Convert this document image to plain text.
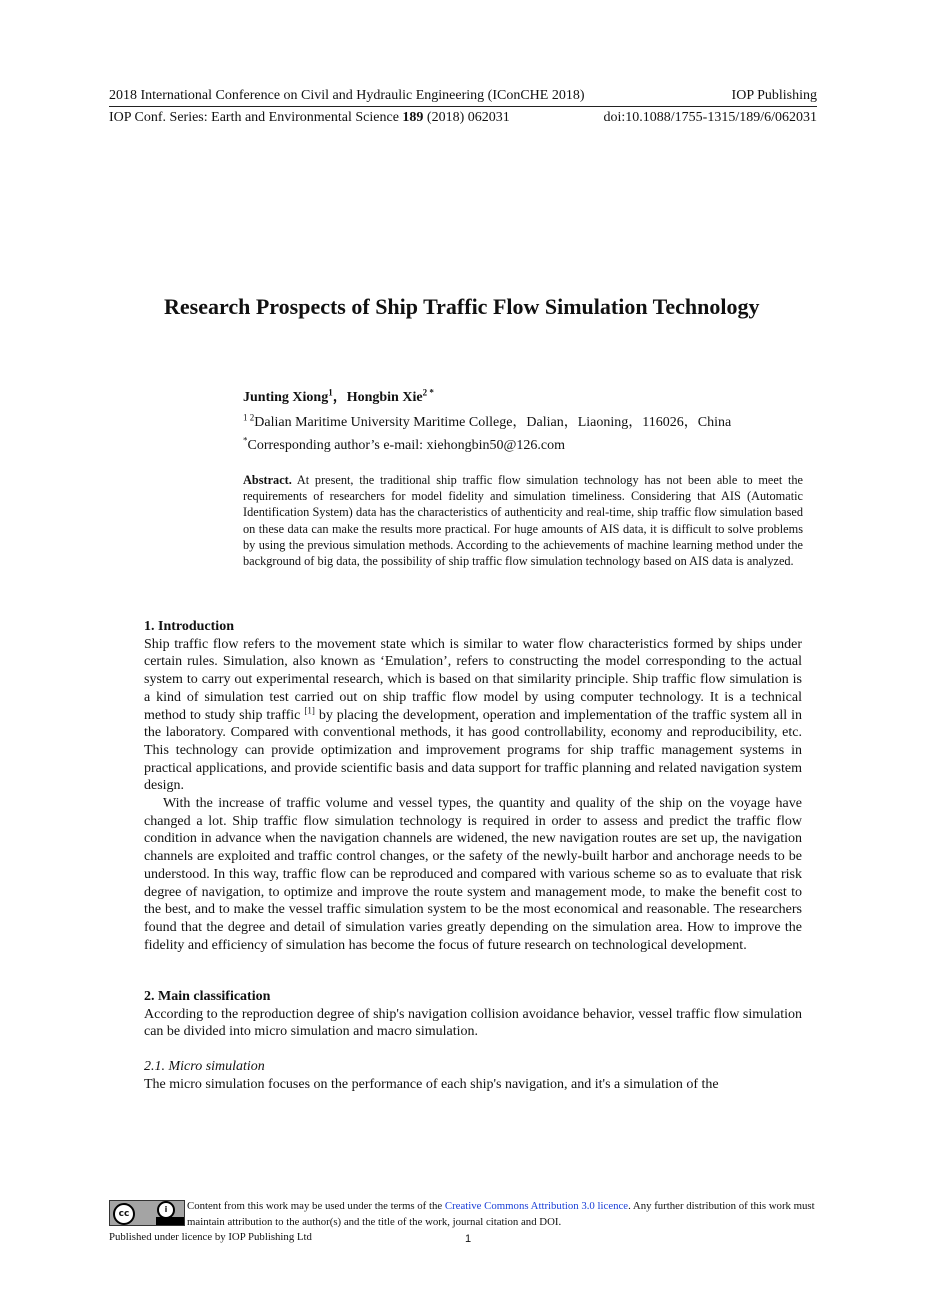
2018 International Conference on Civil and Hydraulic Engineering (IConCHE 2018)	IOP Publishing
IOP Conf. Series: Earth and Environmental Science 189 (2018) 062031	doi:10.1088/1755-1315/189/6/062031
Research Prospects of Ship Traffic Flow Simulation Technology
Junting Xiong$^1$，Hongbin Xie$^{2 *}$
$^{1 2}$Dalian Maritime University Maritime College，Dalian，Liaoning，116026，China
*Corresponding author’s e-mail: xiehongbin50@126.com
Abstract. At present, the traditional ship traffic flow simulation technology has not been able to meet the requirements of researchers for model fidelity and simulation timeliness. Considering that AIS (Automatic Identification System) data has the characteristics of authenticity and real-time, ship traffic flow simulation based on these data can make the results more practical. For huge amounts of AIS data, it is difficult to solve problems by using the previous simulation methods. According to the achievements of machine learning method under the background of big data, the possibility of ship traffic flow simulation technology based on AIS data is analyzed.
1. Introduction

Ship traffic flow refers to the movement state which is similar to water flow characteristics formed by ships under certain rules. Simulation, also known as ‘Emulation’, refers to constructing the model corresponding to the actual system to carry out experimental research, which is based on that similarity principle. Ship traffic flow simulation is a kind of simulation test carried out on ship traffic flow model by using computer technology. It is a technical method to study ship traffic [1] by placing the development, operation and implementation of the traffic system all in the laboratory. Compared with conventional methods, it has good controllability, economy and reproducibility, etc. This technology can provide optimization and improvement programs for ship traffic management systems in practical applications, and provide scientific basis and data support for traffic planning and related navigation system design.

With the increase of traffic volume and vessel types, the quantity and quality of the ship on the voyage have changed a lot. Ship traffic flow simulation technology is required in order to assess and predict the traffic flow condition in advance when the navigation channels are widened, the new navigation routes are set up, the navigation channels are exploited and traffic control changes, or the safety of the newly-built harbor and anchorage needs to be understood. In this way, traffic flow can be reproduced and compared with various scheme so as to evaluate that risk degree of navigation, to optimize and improve the route system and management mode, to make the benefit cost to the best, and to make the vessel traffic simulation system to be the most economical and reasonable. The researchers found that the degree and detail of simulation varies greatly depending on the simulation area. How to improve the fidelity and efficiency of simulation has become the focus of future research on technological development.

2. Main classification

According to the reproduction degree of ship's navigation collision avoidance behavior, vessel traffic flow simulation can be divided into micro simulation and macro simulation.

2.1. Micro simulation

The micro simulation focuses on the performance of each ship's navigation, and it's a simulation of the

cc	i	Content from this work may be used under the terms of the Creative Commons Attribution 3.0 licence. Any further distribution of this work must maintain attribution to the author(s) and the title of the work, journal citation and DOI.
Published under licence by IOP Publishing Ltd	1
